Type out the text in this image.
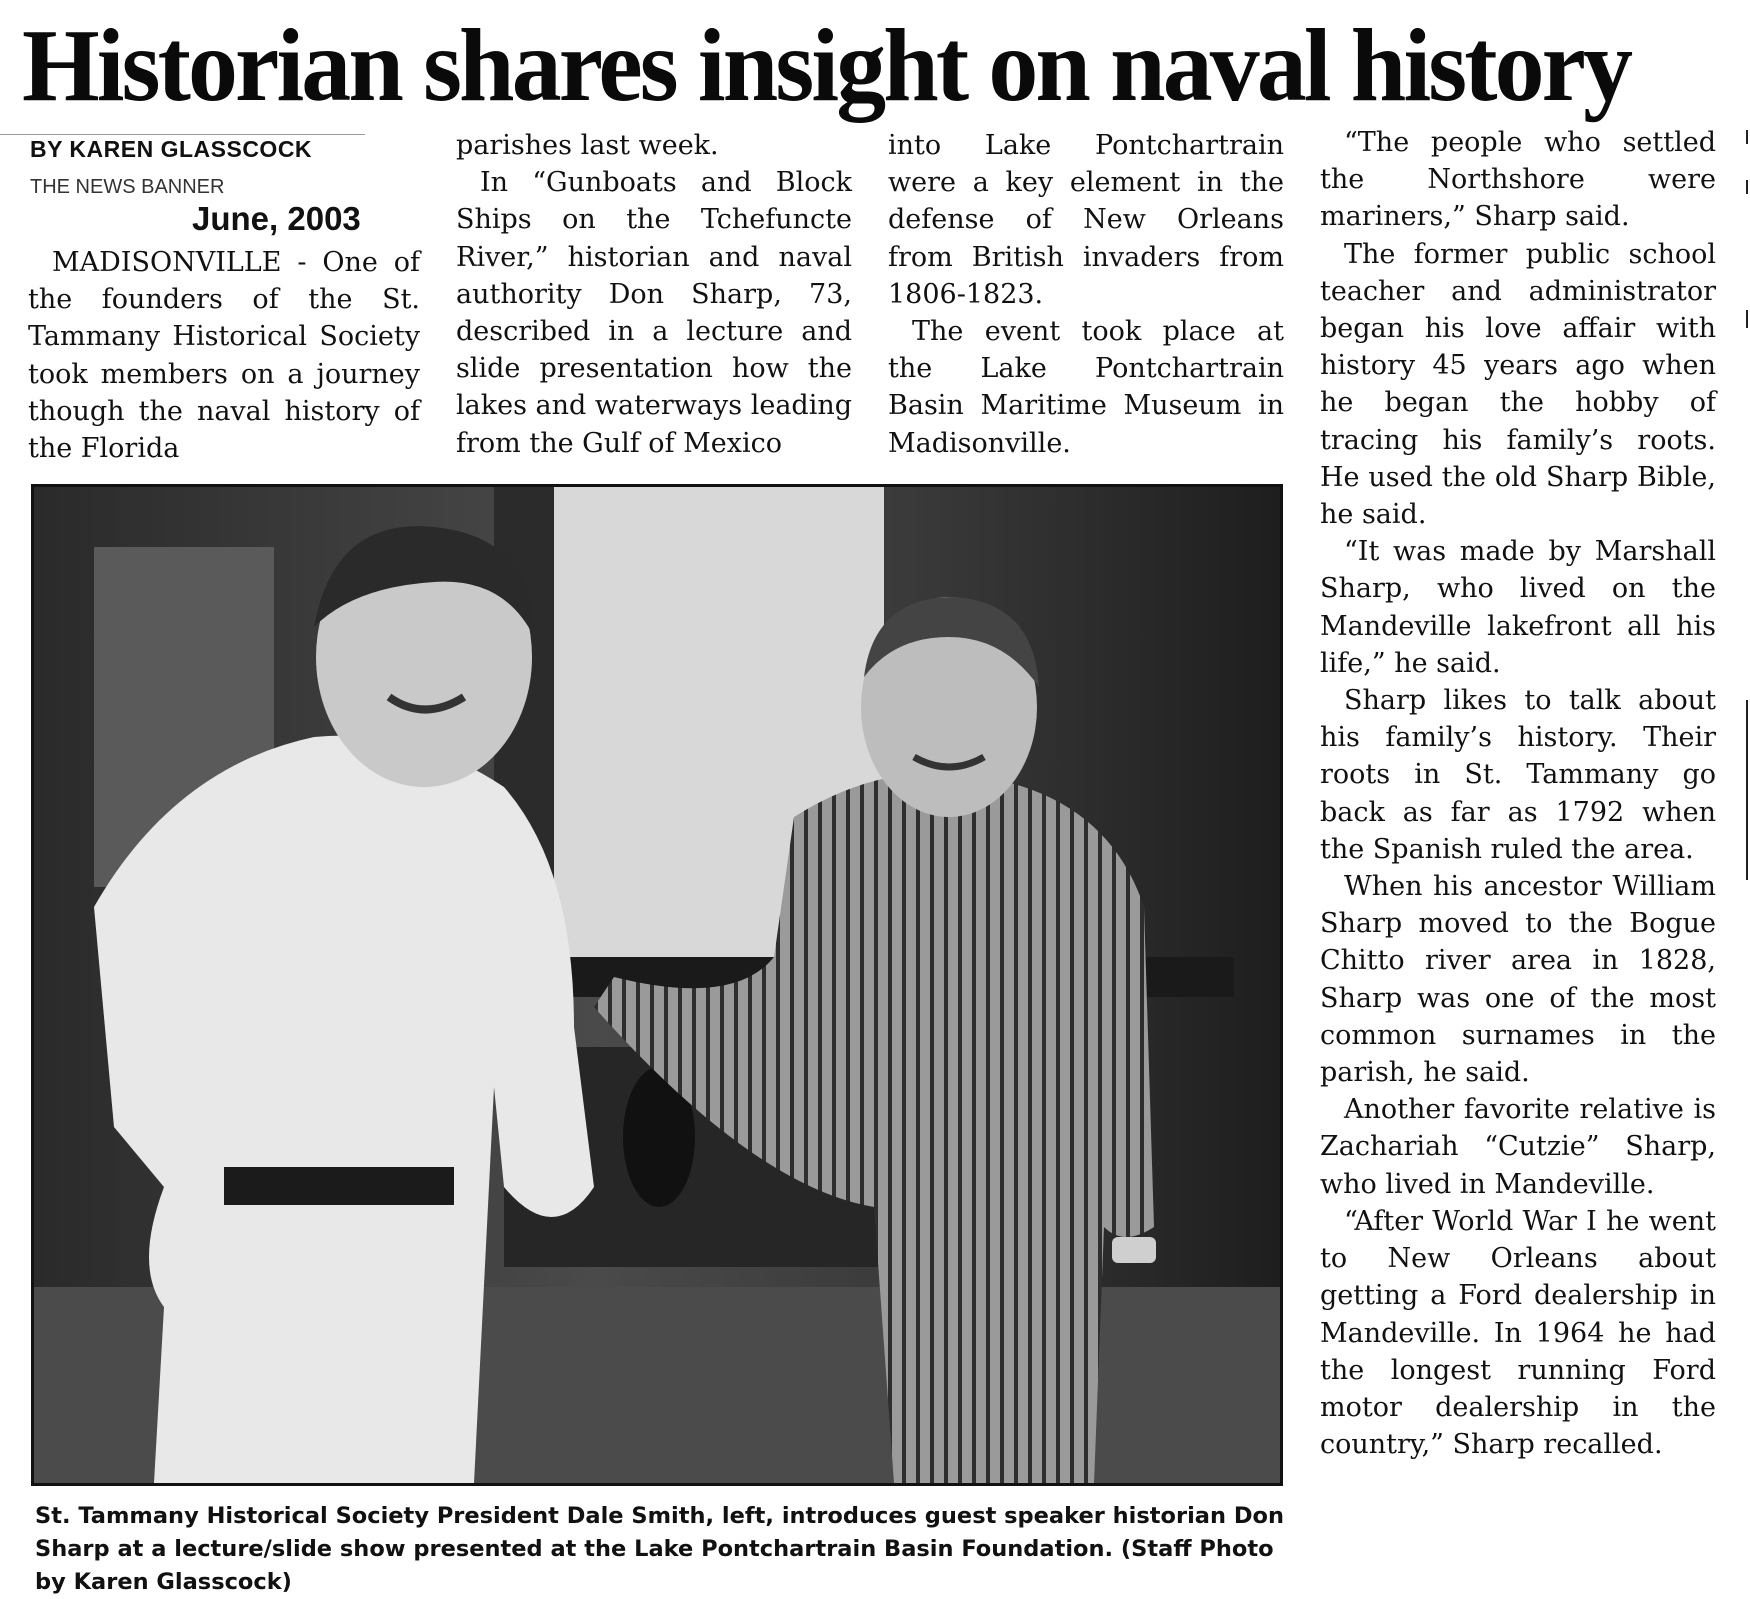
Historian shares insight on naval history
BY KAREN GLASSCOCK
THE NEWS BANNER
June, 2003

MADISONVILLE - One of the founders of the St. Tammany Historical Society took members on a journey though the naval history of the Florida

parishes last week.

In “Gunboats and Block Ships on the Tchefuncte River,” historian and naval authority Don Sharp, 73, described in a lecture and slide presentation how the lakes and waterways leading from the Gulf of Mexico

into Lake Pontchartrain were a key element in the defense of New Orleans from British invaders from 1806-1823.

The event took place at the Lake Pontchartrain Basin Maritime Museum in Madisonville.

“The people who settled the Northshore were mariners,” Sharp said.

The former public school teacher and administrator began his love affair with history 45 years ago when he began the hobby of tracing his family’s roots. He used the old Sharp Bible, he said.

“It was made by Marshall Sharp, who lived on the Mandeville lakefront all his life,” he said.

Sharp likes to talk about his family’s history. Their roots in St. Tammany go back as far as 1792 when the Spanish ruled the area.

When his ancestor William Sharp moved to the Bogue Chitto river area in 1828, Sharp was one of the most common surnames in the parish, he said.

Another favorite relative is Zachariah “Cutzie” Sharp, who lived in Mandeville.

“After World War I he went to New Orleans about getting a Ford dealership in Mandeville. In 1964 he had the longest running Ford motor dealership in the country,” Sharp recalled.

St. Tammany Historical Society President Dale Smith, left, introduces guest speaker historian Don Sharp at a lecture/slide show presented at the Lake Pontchartrain Basin Foundation. (Staff Photo by Karen Glasscock)
